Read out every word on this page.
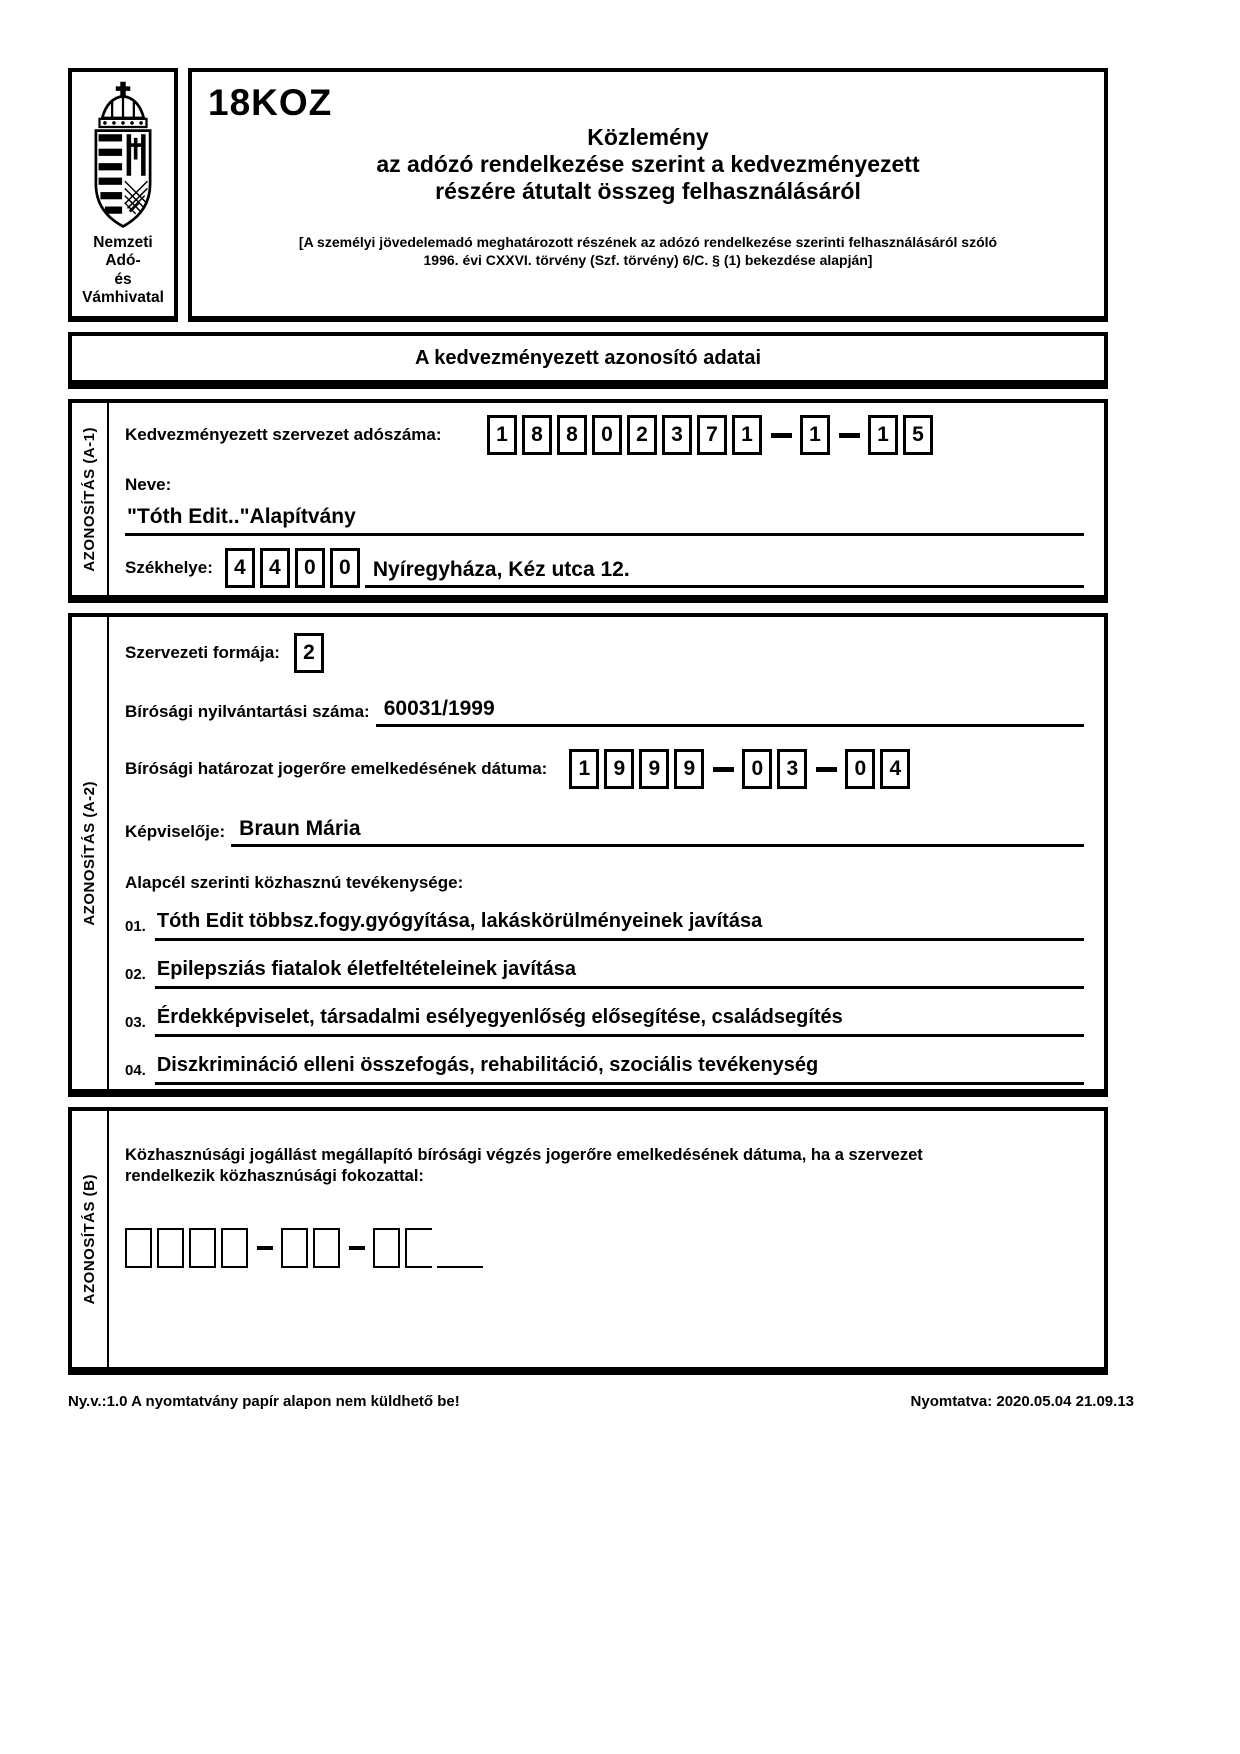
Nemzeti Adó-
és Vámhivatal
18KOZ
Közlemény
az adózó rendelkezése szerint a kedvezményezett
részére átutalt összeg felhasználásáról
[A személyi jövedelemadó meghatározott részének az adózó rendelkezése szerinti felhasználásáról szóló
1996. évi CXXVI. törvény (Szf. törvény) 6/C. § (1) bekezdése alapján]
A kedvezményezett azonosító adatai
AZONOSÍTÁS (A-1) Kedvezményezett szervezet adószáma:	1	8	8	0	2	3	7	1	1	1	5
Neve:
"Tóth Edit.."Alapítvány
Székhelye:	4	4	0	0	Nyíregyháza, Kéz utca 12.
AZONOSÍTÁS (A-2)
Szervezeti formája:	2
Bírósági nyilvántartási száma: 60031/1999
Bírósági határozat jogerőre emelkedésének dátuma:	1	9	9	9	0	3	0	4
Képviselője: Braun Mária
Alapcél szerinti közhasznú tevékenysége:
01. Tóth Edit többsz.fogy.gyógyítása, lakáskörülményeinek javítása
02. Epilepsziás fiatalok életfeltételeinek javítása
03. Érdekképviselet, társadalmi esélyegyenlőség elősegítése, családsegítés
04. Diszkrimináció elleni összefogás, rehabilitáció, szociális tevékenység
AZONOSÍTÁS (B)
Közhasznúsági jogállást megállapító bírósági végzés jogerőre emelkedésének dátuma, ha a szervezet rendelkezik közhasznúsági fokozattal:
Ny.v.:1.0 A nyomtatvány papír alapon nem küldhető be!	Nyomtatva: 2020.05.04 21.09.13
